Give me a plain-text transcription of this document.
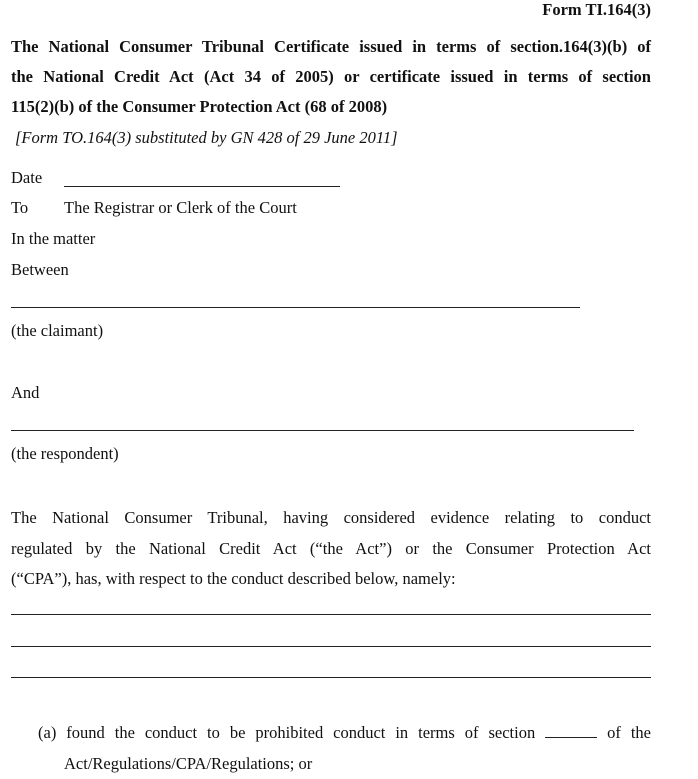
Form TI.164(3)
The National Consumer Tribunal Certificate issued in terms of section.164(3)(b) of
the National Credit Act (Act 34 of 2005) or certificate issued in terms of section
115(2)(b) of the Consumer Protection Act (68 of 2008)
[Form TO.164(3) substituted by GN 428 of 29 June 2011]
Date
To The Registrar or Clerk of the Court
In the matter
Between
(the claimant)
And
(the respondent)
The National Consumer Tribunal, having considered evidence relating to conduct
regulated by the National Credit Act (“the Act”) or the Consumer Protection Act
(“CPA”), has, with respect to the conduct described below, namely:
(a) found the conduct to be prohibited conduct in terms of section	of the
Act/Regulations/CPA/Regulations; or
